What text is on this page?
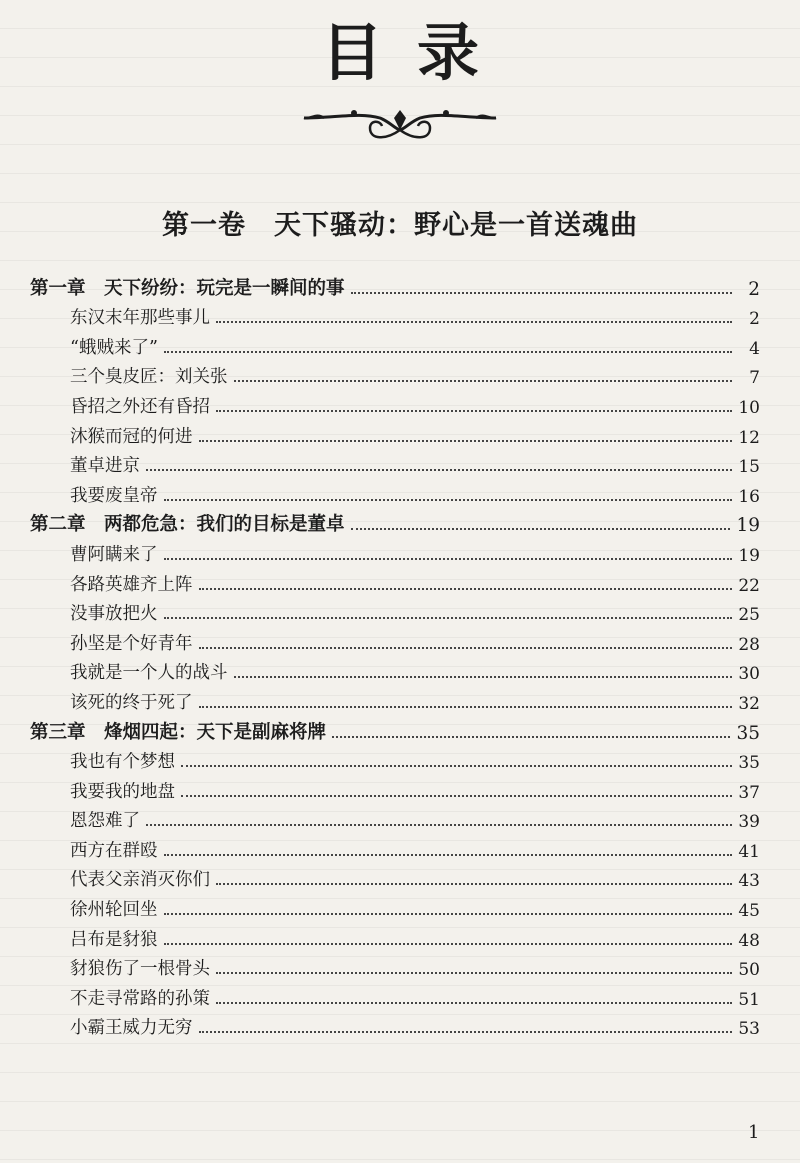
目录
第一卷　天下骚动：野心是一首送魂曲
第一章　天下纷纷：玩完是一瞬间的事	2
东汉末年那些事儿	2
“蛾贼来了”	4
三个臭皮匠：刘关张	7
昏招之外还有昏招	10
沐猴而冠的何进	12
董卓进京	15
我要废皇帝	16
第二章　两都危急：我们的目标是董卓	19
曹阿瞒来了	19
各路英雄齐上阵	22
没事放把火	25
孙坚是个好青年	28
我就是一个人的战斗	30
该死的终于死了	32
第三章　烽烟四起：天下是副麻将牌	35
我也有个梦想	35
我要我的地盘	37
恩怨难了	39
西方在群殴	41
代表父亲消灭你们	43
徐州轮回坐	45
吕布是豺狼	48
豺狼伤了一根骨头	50
不走寻常路的孙策	51
小霸王威力无穷	53
1
